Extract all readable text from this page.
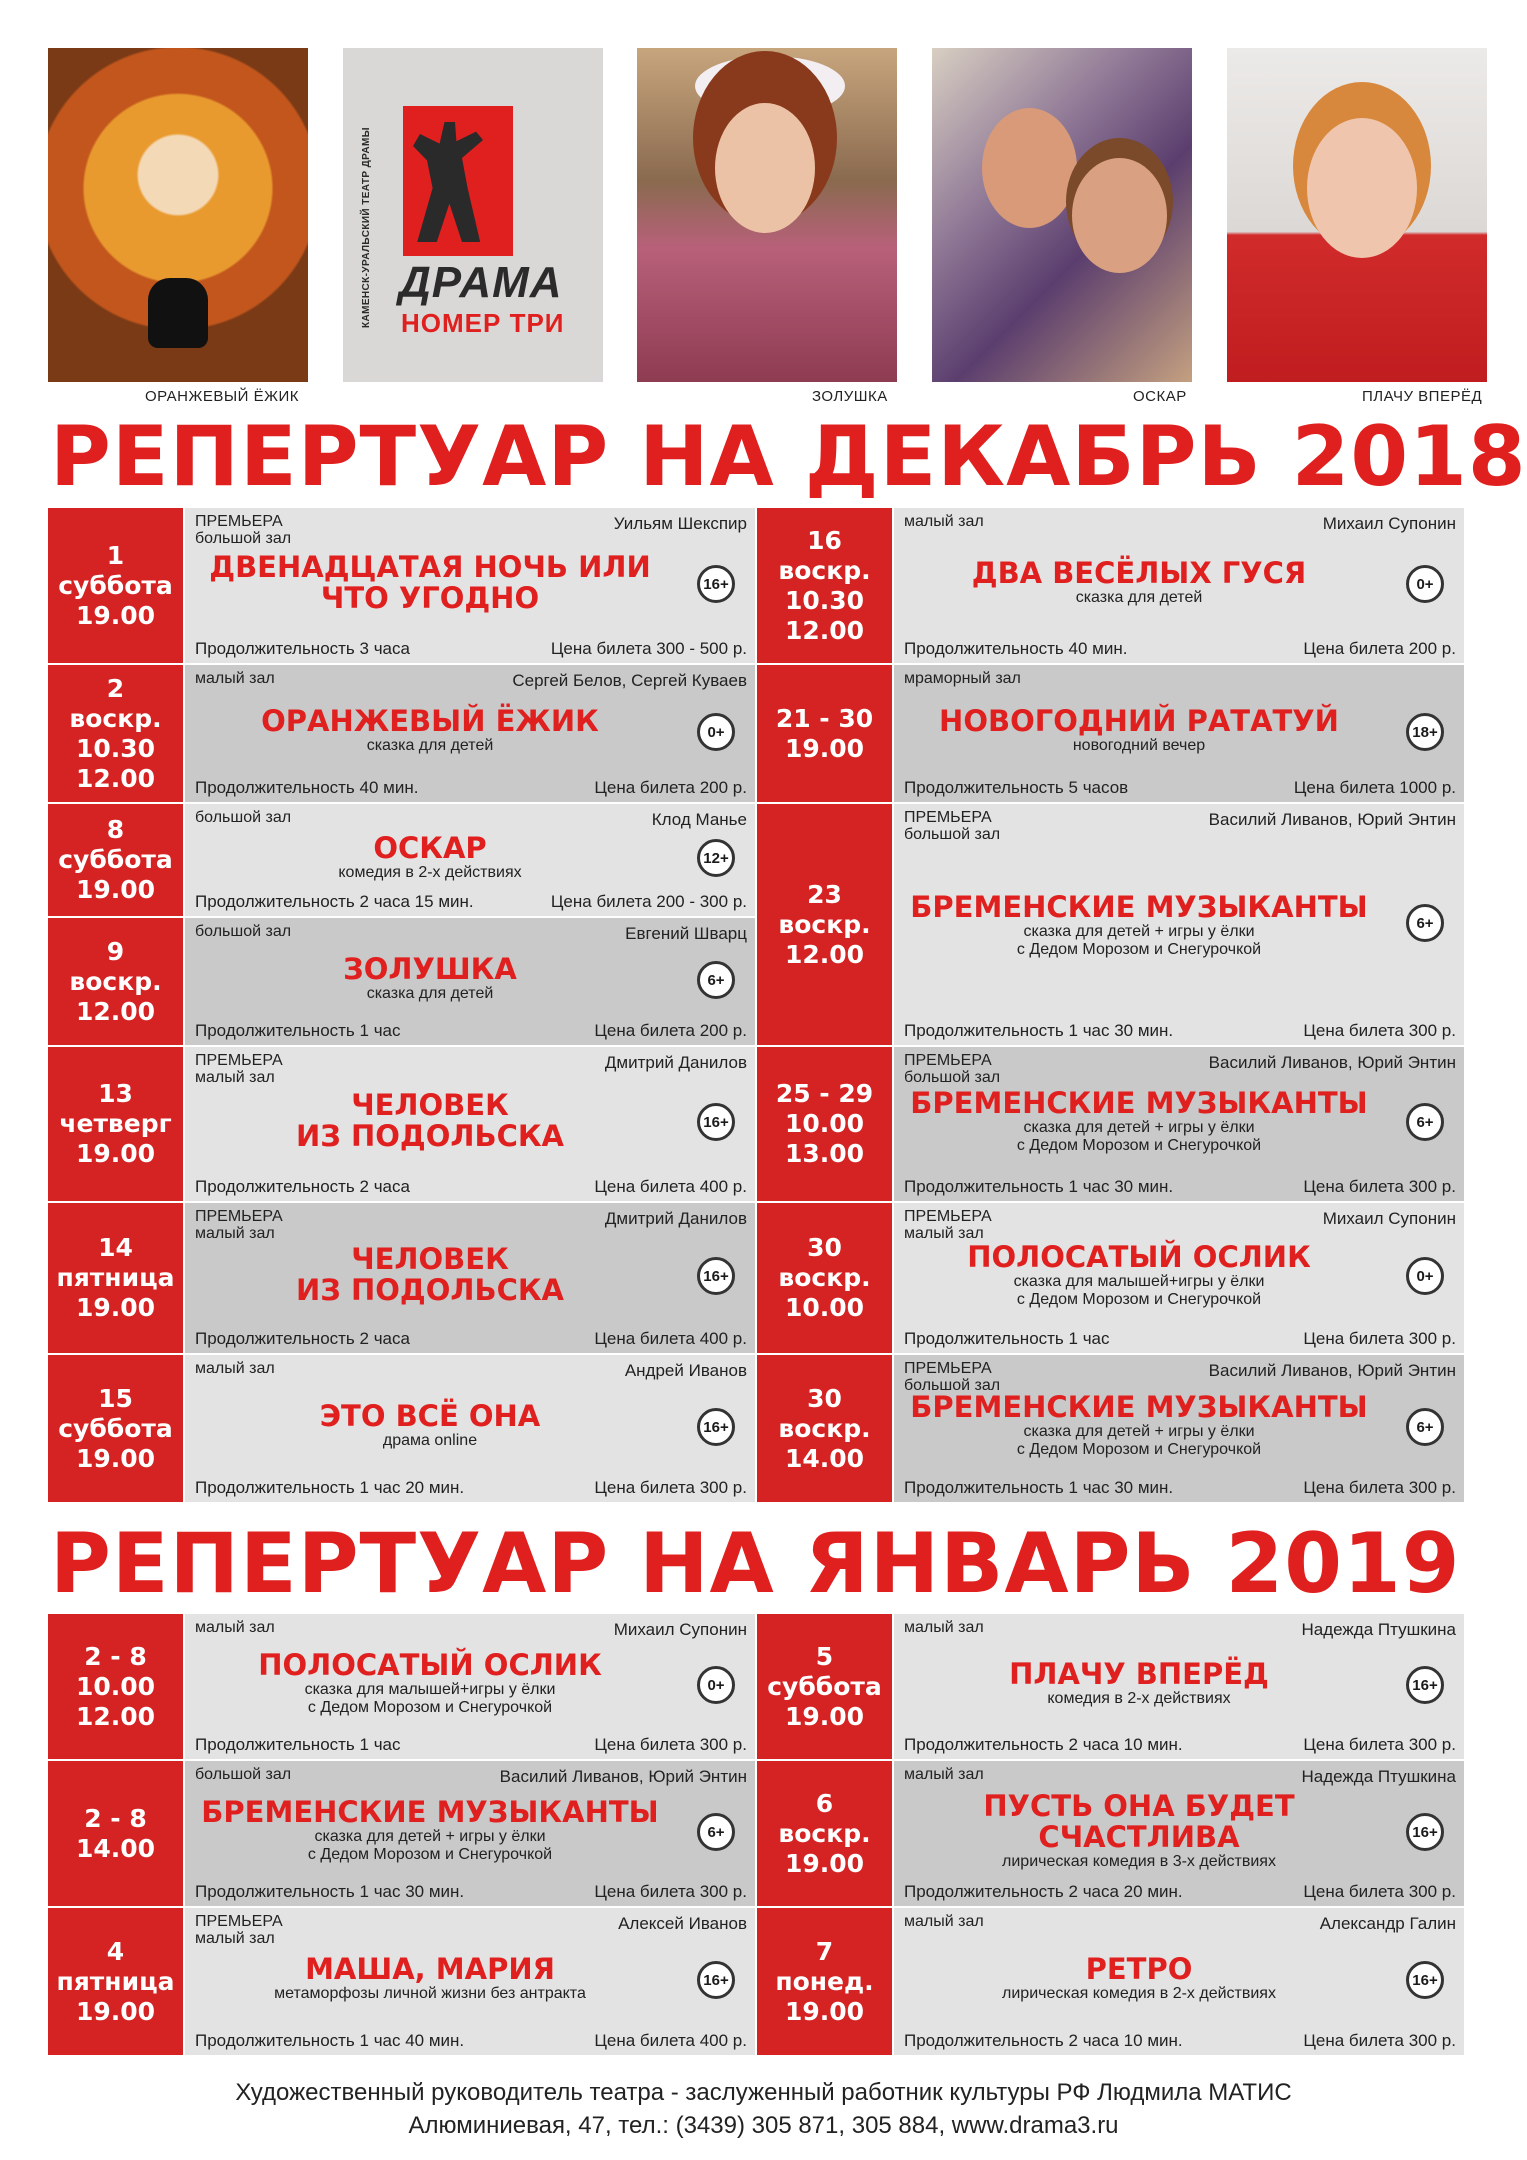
КАМЕНСК-УРАЛЬСКИЙ ТЕАТР ДРАМЫ ДРАМА
НОМЕР ТРИ
ОРАНЖЕВЫЙ ЁЖИК	ЗОЛУШКА	ОСКАР	ПЛАЧУ ВПЕРЁД
РЕПЕРТУАР НА ДЕКАБРЬ 2018
РЕПЕРТУАР НА ЯНВАРЬ 2019
1
суббота
19.00
ПРЕМЬЕРА
большой зал
Уильям Шекспир
ДВЕНАДЦАТАЯ НОЧЬ ИЛИ
ЧТО УГОДНО	16+
Продолжительность 3 часа	Цена билета 300 - 500 р.
2
воскр.
10.30
12.00
малый зал	Сергей Белов, Сергей Куваев
ОРАНЖЕВЫЙ ЁЖИК
сказка для детей
0+
Продолжительность 40 мин.	Цена билета 200 р.
8
суббота
19.00
большой зал	Клод Манье
ОСКАР
комедия в 2-х действиях
12+
Продолжительность 2 часа 15 мин.	Цена билета 200 - 300 р.
9
воскр.
12.00
большой зал	Евгений Шварц
ЗОЛУШКА
сказка для детей
6+
Продолжительность 1 час	Цена билета 200 р.
13
четверг
19.00
ПРЕМЬЕРА
малый зал
Дмитрий Данилов
ЧЕЛОВЕК
ИЗ ПОДОЛЬСКА	16+
Продолжительность 2 часа	Цена билета 400 р.
14
пятница
19.00
ПРЕМЬЕРА
малый зал
Дмитрий Данилов
ЧЕЛОВЕК
ИЗ ПОДОЛЬСКА	16+
Продолжительность 2 часа	Цена билета 400 р.
15
суббота
19.00
малый зал	Андрей Иванов
ЭТО ВСЁ ОНА
драма online
16+
Продолжительность 1 час 20 мин.	Цена билета 300 р.
16
воскр.
10.30
12.00
малый зал	Михаил Супонин
ДВА ВЕСЁЛЫХ ГУСЯ
сказка для детей
0+
Продолжительность 40 мин.	Цена билета 200 р.
21 - 30
19.00
мраморный зал
НОВОГОДНИЙ РАТАТУЙ
новогодний вечер
18+
Продолжительность 5 часов	Цена билета 1000 р.
23
воскр.
12.00
ПРЕМЬЕРА
большой зал
Василий Ливанов, Юрий Энтин
БРЕМЕНСКИЕ МУЗЫКАНТЫ
сказка для детей + игры у ёлки
с Дедом Морозом и Снегурочкой
6+
Продолжительность 1 час 30 мин.	Цена билета 300 р.
25 - 29
10.00
13.00
ПРЕМЬЕРА
большой зал
Василий Ливанов, Юрий Энтин
БРЕМЕНСКИЕ МУЗЫКАНТЫ
сказка для детей + игры у ёлки
с Дедом Морозом и Снегурочкой
6+
Продолжительность 1 час 30 мин.	Цена билета 300 р.
30
воскр.
10.00
ПРЕМЬЕРА
малый зал
Михаил Супонин
ПОЛОСАТЫЙ ОСЛИК
сказка для малышей+игры у ёлки
с Дедом Морозом и Снегурочкой
0+
Продолжительность 1 час	Цена билета 300 р.
30
воскр.
14.00
ПРЕМЬЕРА
большой зал
Василий Ливанов, Юрий Энтин
БРЕМЕНСКИЕ МУЗЫКАНТЫ
сказка для детей + игры у ёлки
с Дедом Морозом и Снегурочкой
6+
Продолжительность 1 час 30 мин.	Цена билета 300 р.
2 - 8
10.00
12.00
малый зал	Михаил Супонин
ПОЛОСАТЫЙ ОСЛИК
сказка для малышей+игры у ёлки
с Дедом Морозом и Снегурочкой
0+
Продолжительность 1 час	Цена билета 300 р.
2 - 8
14.00
большой зал	Василий Ливанов, Юрий Энтин
БРЕМЕНСКИЕ МУЗЫКАНТЫ
сказка для детей + игры у ёлки
с Дедом Морозом и Снегурочкой
6+
Продолжительность 1 час 30 мин.	Цена билета 300 р.
4
пятница
19.00
ПРЕМЬЕРА
малый зал
Алексей Иванов
МАША, МАРИЯ
метаморфозы личной жизни без антракта
16+
Продолжительность 1 час 40 мин.	Цена билета 400 р.
5
суббота
19.00
малый зал	Надежда Птушкина
ПЛАЧУ ВПЕРЁД
комедия в 2-х действиях
16+
Продолжительность 2 часа 10 мин.	Цена билета 300 р.
6
воскр.
19.00
малый зал	Надежда Птушкина
ПУСТЬ ОНА БУДЕТ
СЧАСТЛИВА
лирическая комедия в 3-х действиях
16+
Продолжительность 2 часа 20 мин.	Цена билета 300 р.
7
понед.
19.00
малый зал	Александр Галин
РЕТРО
лирическая комедия в 2-х действиях
16+
Продолжительность 2 часа 10 мин.	Цена билета 300 р.
Художественный руководитель театра - заслуженный работник культуры РФ Людмила МАТИС
Алюминиевая, 47, тел.: (3439) 305 871, 305 884, www.drama3.ru
